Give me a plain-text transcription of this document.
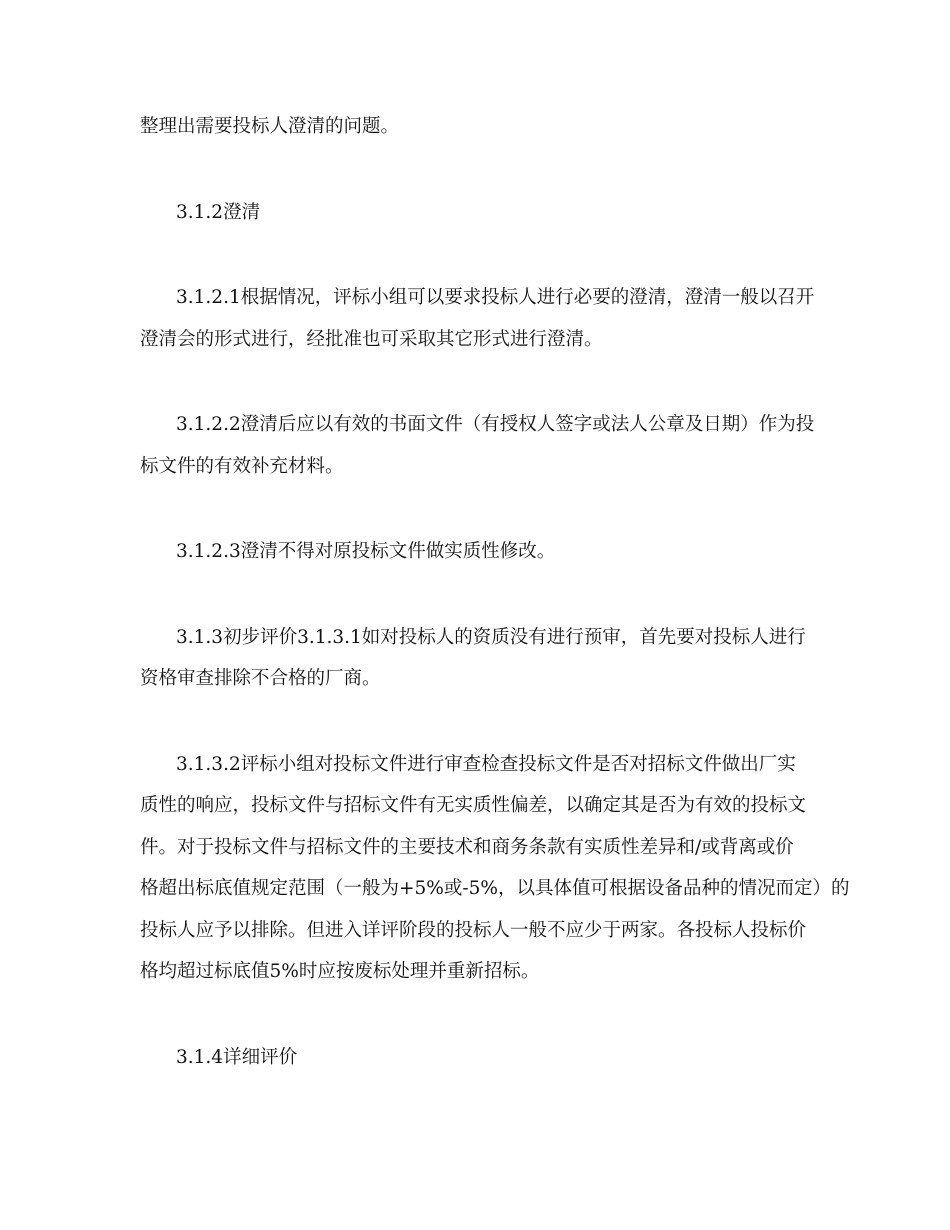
整理出需要投标人澄清的问题。
3.1.2澄清
3.1.2.1根据情况，评标小组可以要求投标人进行必要的澄清，澄清一般以召开
澄清会的形式进行，经批准也可采取其它形式进行澄清。
3.1.2.2澄清后应以有效的书面文件（有授权人签字或法人公章及日期）作为投
标文件的有效补充材料。
3.1.2.3澄清不得对原投标文件做实质性修改。
3.1.3初步评价3.1.3.1如对投标人的资质没有进行预审，首先要对投标人进行
资格审查排除不合格的厂商。
3.1.3.2评标小组对投标文件进行审查检查投标文件是否对招标文件做出厂实
质性的响应，投标文件与招标文件有无实质性偏差，以确定其是否为有效的投标文
件。对于投标文件与招标文件的主要技术和商务条款有实质性差异和/或背离或价
格超出标底值规定范围（一般为+5%或-5%，以具体值可根据设备品种的情况而定）的
投标人应予以排除。但进入详评阶段的投标人一般不应少于两家。各投标人投标价
格均超过标底值5%时应按废标处理并重新招标。
3.1.4详细评价
